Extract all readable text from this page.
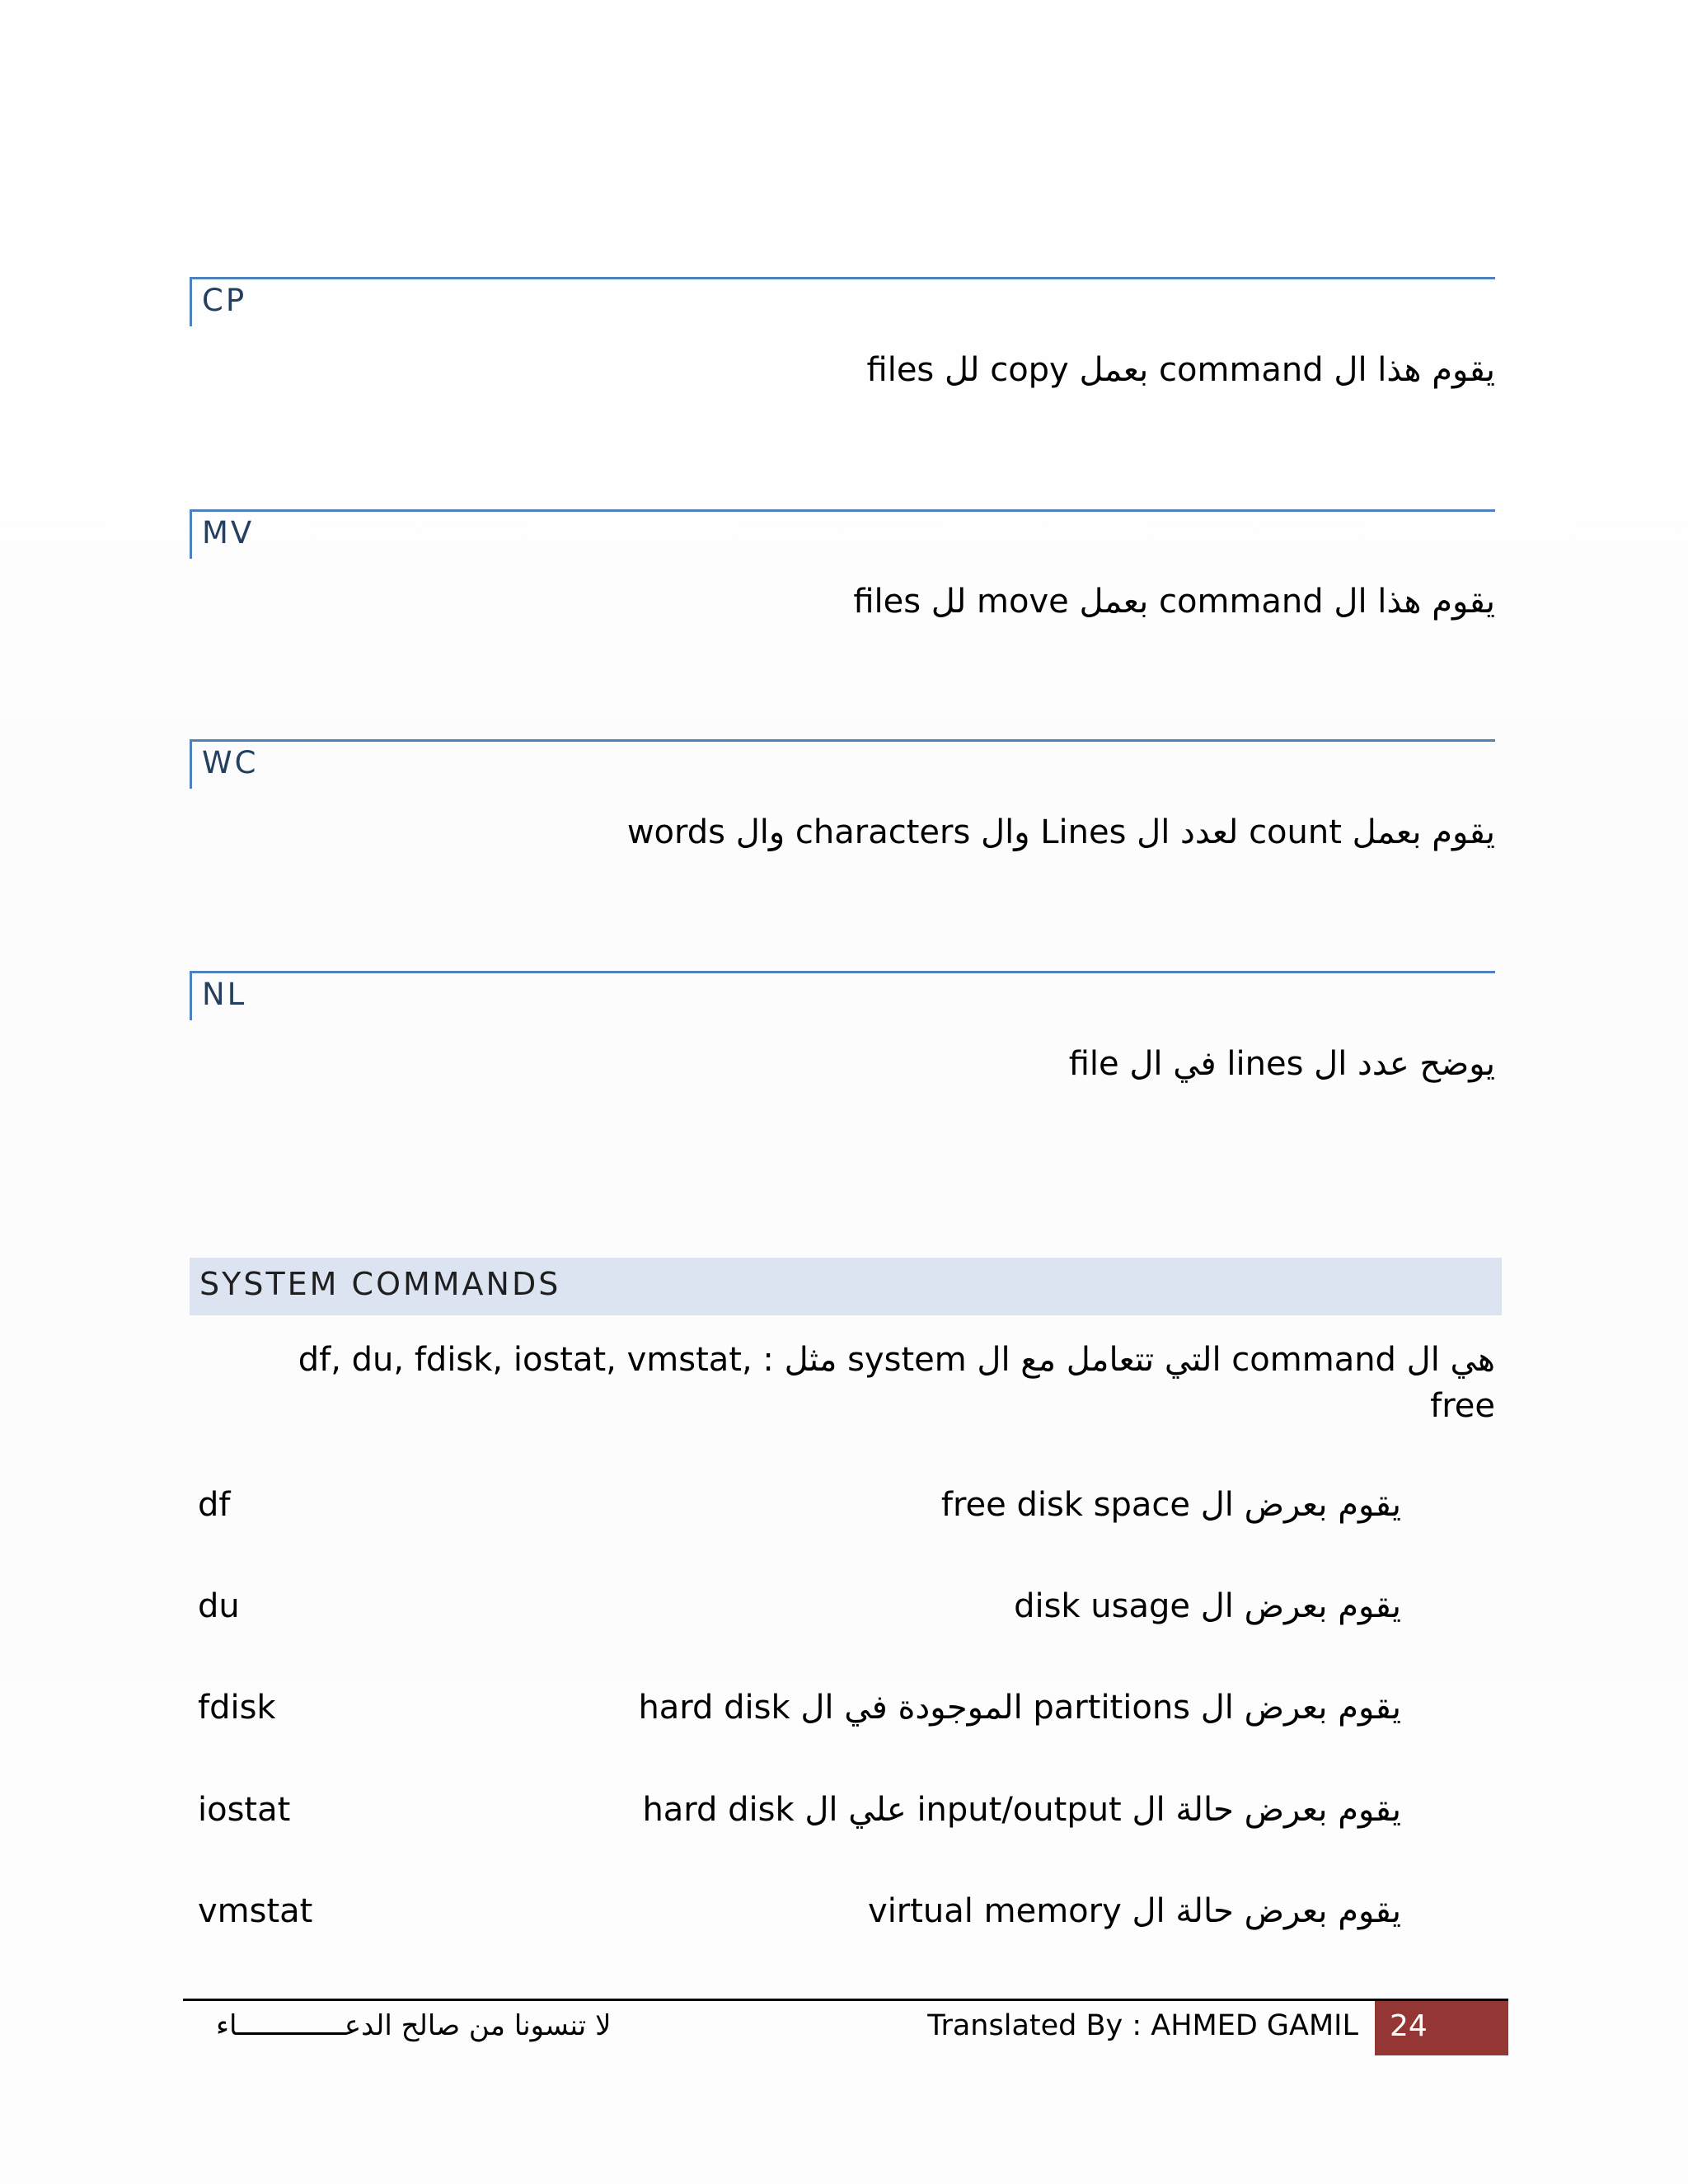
CP
يقوم هذا ال command بعمل copy لل files
MV
يقوم هذا ال command بعمل move لل files
WC
يقوم بعمل count لعدد ال Lines وال characters وال words
NL
يوضح عدد ال lines في ال file
SYSTEM COMMANDS
هي ال command التي تتعامل مع ال system مثل : df, du, fdisk, iostat, vmstat, free
df	يقوم بعرض ال free disk space
du	يقوم بعرض ال disk usage
fdisk	يقوم بعرض ال partitions الموجودة في ال hard disk
iostat	يقوم بعرض حالة ال input/output علي ال hard disk
vmstat	يقوم بعرض حالة ال virtual memory
لا تنسونا من صالح الدعـــــــــــــاء	Translated By : AHMED GAMIL 24
